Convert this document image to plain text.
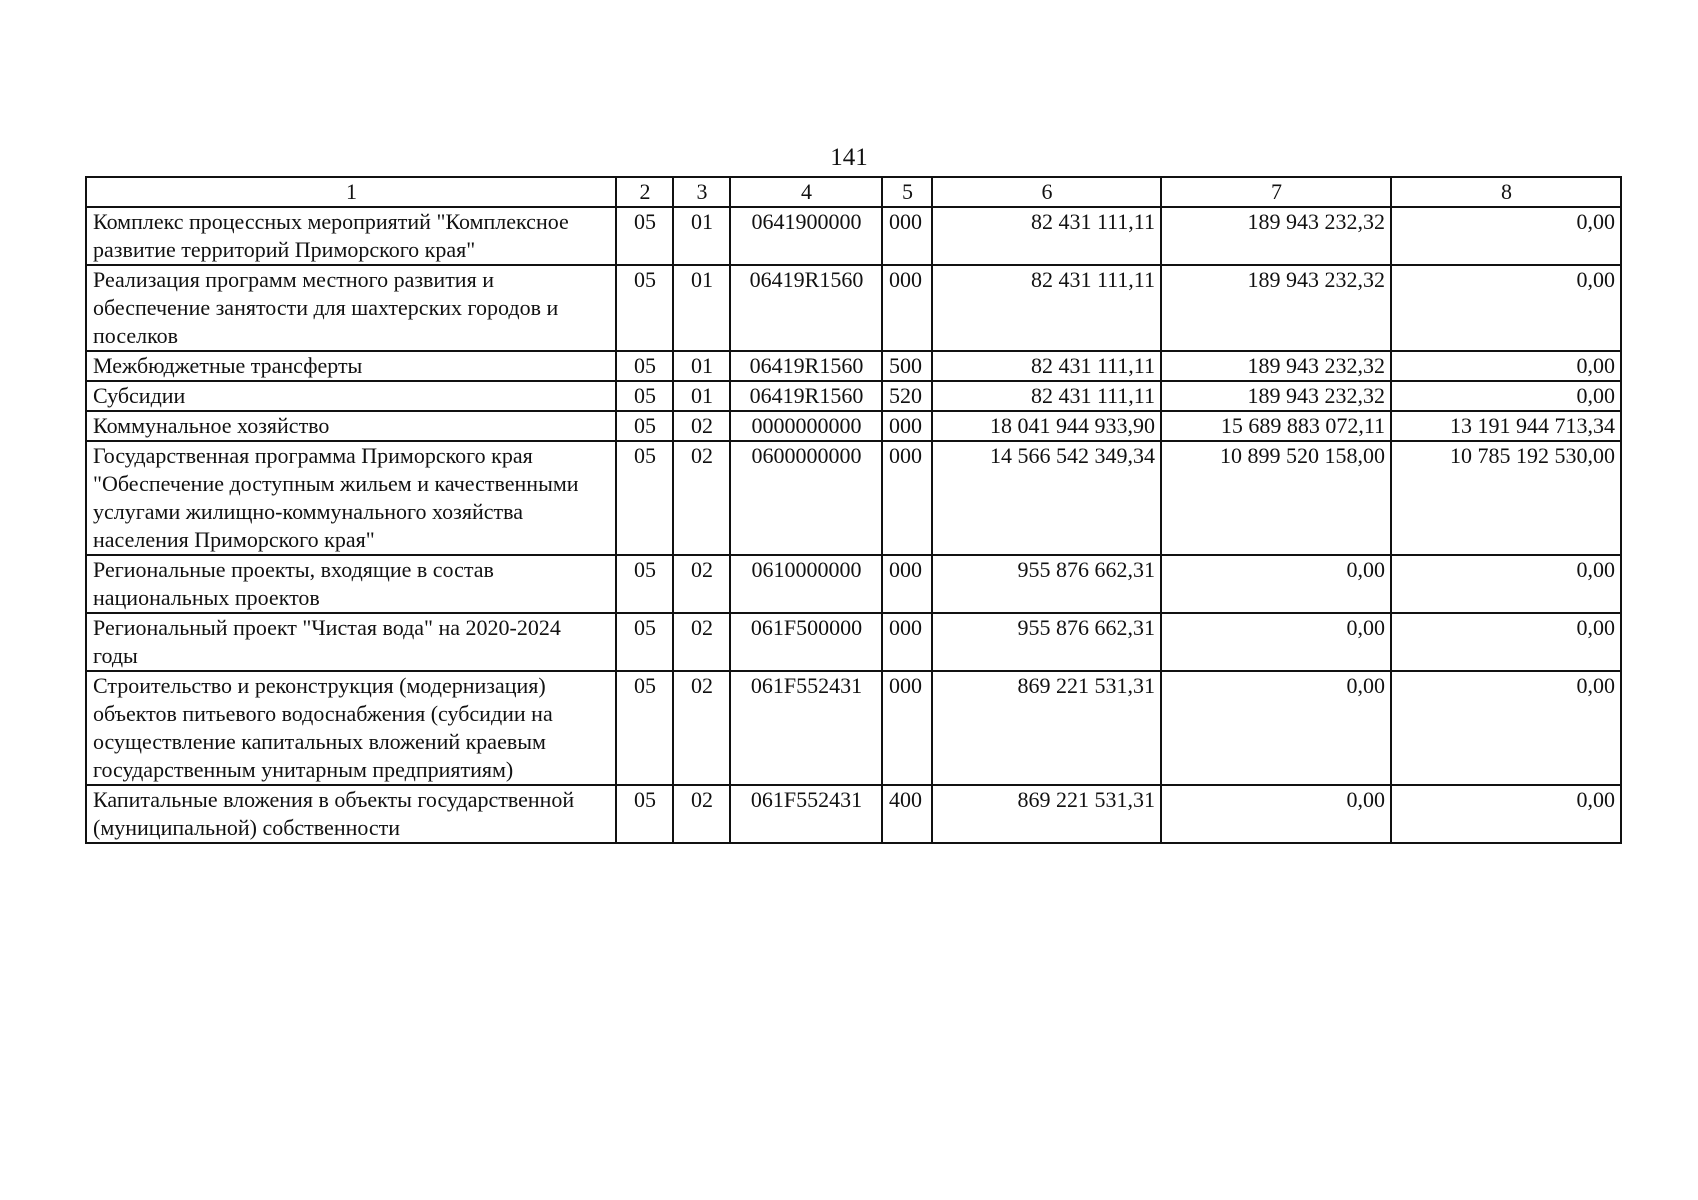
141
1	2	3	4	5	6	7	8
Комплекс процессных мероприятий "Комплексное развитие территорий Приморского края"	05	01	0641900000	000	82 431 111,11	189 943 232,32	0,00
Реализация программ местного развития и обеспечение занятости для шахтерских городов и поселков	05	01	06419R1560	000	82 431 111,11	189 943 232,32	0,00
Межбюджетные трансферты	05	01	06419R1560	500	82 431 111,11	189 943 232,32	0,00
Субсидии	05	01	06419R1560	520	82 431 111,11	189 943 232,32	0,00
Коммунальное хозяйство	05	02	0000000000	000	18 041 944 933,90	15 689 883 072,11	13 191 944 713,34
Государственная программа Приморского края "Обеспечение доступным жильем и качественными услугами жилищно-коммунального хозяйства населения Приморского края"	05	02	0600000000	000	14 566 542 349,34	10 899 520 158,00	10 785 192 530,00
Региональные проекты, входящие в состав национальных проектов	05	02	0610000000	000	955 876 662,31	0,00	0,00
Региональный проект "Чистая вода" на 2020-2024 годы	05	02	061F500000	000	955 876 662,31	0,00	0,00
Строительство и реконструкция (модернизация) объектов питьевого водоснабжения (субсидии на осуществление капитальных вложений краевым государственным унитарным предприятиям)	05	02	061F552431	000	869 221 531,31	0,00	0,00
Капитальные вложения в объекты государственной (муниципальной) собственности	05	02	061F552431	400	869 221 531,31	0,00	0,00
